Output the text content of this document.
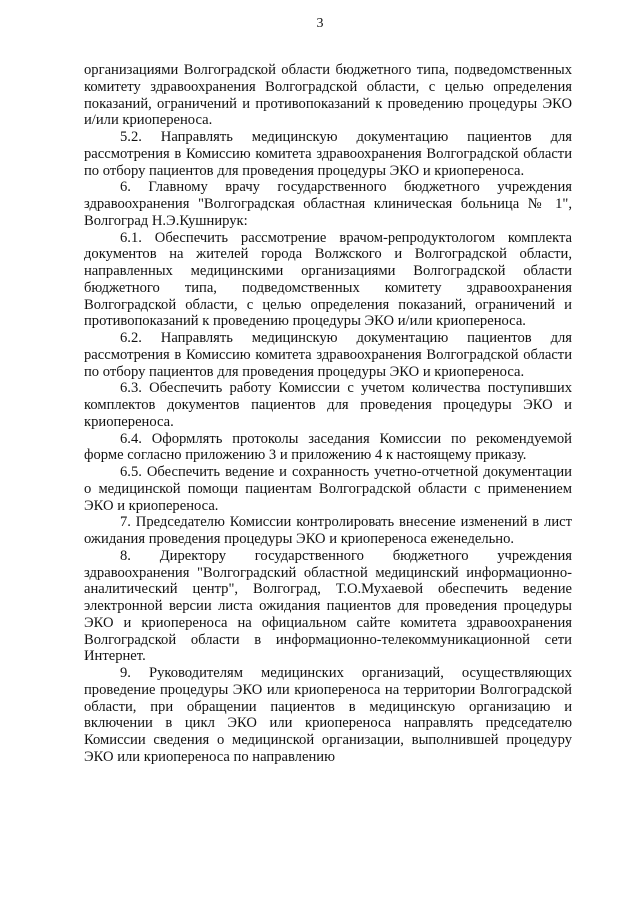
3

организациями Волгоградской области бюджетного типа, подведомственных комитету здравоохранения Волгоградской области, с целью определения показаний, ограничений и противопоказаний к проведению процедуры ЭКО и/или криопереноса.

5.2. Направлять медицинскую документацию пациентов для рассмотрения в Комиссию комитета здравоохранения Волгоградской области по отбору пациентов для проведения процедуры ЭКО и криопереноса.

6. Главному врачу государственного бюджетного учреждения здравоохранения "Волгоградская областная клиническая больница № 1", Волгоград Н.Э.Кушнирук:

6.1. Обеспечить рассмотрение врачом-репродуктологом комплекта документов на жителей города Волжского и Волгоградской области, направленных медицинскими организациями Волгоградской области бюджетного типа, подведомственных комитету здравоохранения Волгоградской области, с целью определения показаний, ограничений и противопоказаний к проведению процедуры ЭКО и/или криопереноса.

6.2. Направлять медицинскую документацию пациентов для рассмотрения в Комиссию комитета здравоохранения Волгоградской области по отбору пациентов для проведения процедуры ЭКО и криопереноса.

6.3. Обеспечить работу Комиссии с учетом количества поступивших комплектов документов пациентов для проведения процедуры ЭКО и криопереноса.

6.4. Оформлять протоколы заседания Комиссии по рекомендуемой форме согласно приложению 3 и приложению 4 к настоящему приказу.

6.5. Обеспечить ведение и сохранность учетно-отчетной документации о медицинской помощи пациентам Волгоградской области с применением ЭКО и криопереноса.

7. Председателю Комиссии контролировать внесение изменений в лист ожидания проведения процедуры ЭКО и криопереноса еженедельно.

8. Директору государственного бюджетного учреждения здравоохранения "Волгоградский областной медицинский информационно-аналитический центр", Волгоград, Т.О.Мухаевой обеспечить ведение электронной версии листа ожидания пациентов для проведения процедуры ЭКО и криопереноса на официальном сайте комитета здравоохранения Волгоградской области в информационно-телекоммуникационной сети Интернет.

9. Руководителям медицинских организаций, осуществляющих проведение процедуры ЭКО или криопереноса на территории Волгоградской области, при обращении пациентов в медицинскую организацию и включении в цикл ЭКО или криопереноса направлять председателю Комиссии сведения о медицинской организации, выполнившей процедуру ЭКО или криопереноса по направлению
